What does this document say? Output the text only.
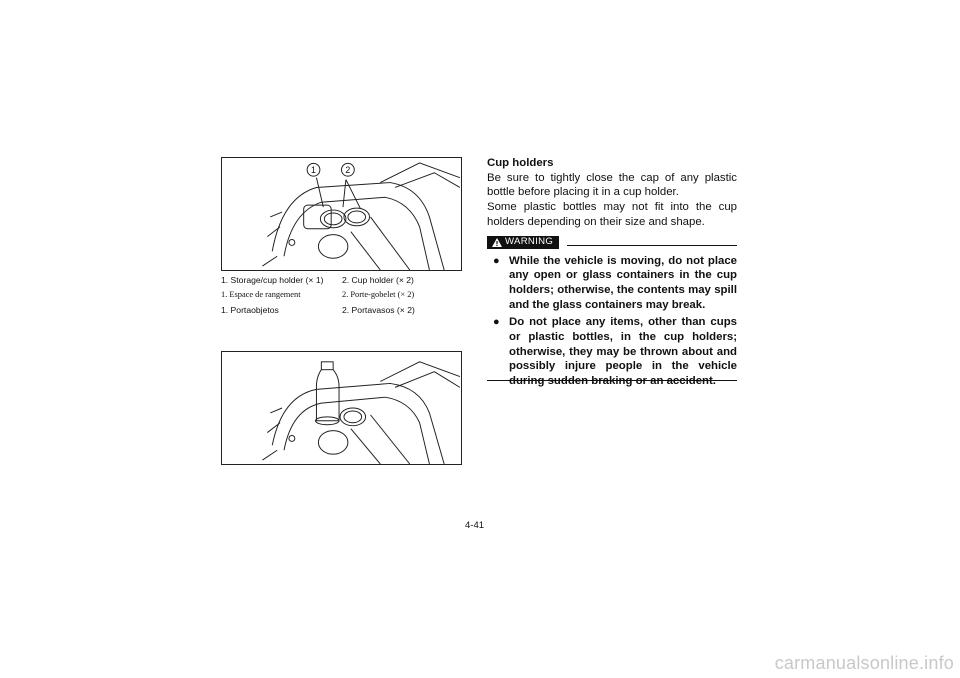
1	2
1. Storage/cup holder (× 1)	2. Cup holder (× 2)
1. Espace de rangement	2. Porte-gobelet (× 2)
1. Portaobjetos	2. Portavasos (× 2)
Cup holders

Be sure to tightly close the cap of any plastic bottle before placing it in a cup holder.

Some plastic bottles may not fit into the cup holders depending on their size and shape.

WARNING
● While the vehicle is moving, do not place any open or glass containers in the cup holders; otherwise, the contents may spill and the glass containers may break.
● Do not place any items, other than cups or plastic bottles, in the cup holders; otherwise, they may be thrown about and possibly injure people in the vehicle during sudden braking or an accident.
4-41
carmanualsonline.info
